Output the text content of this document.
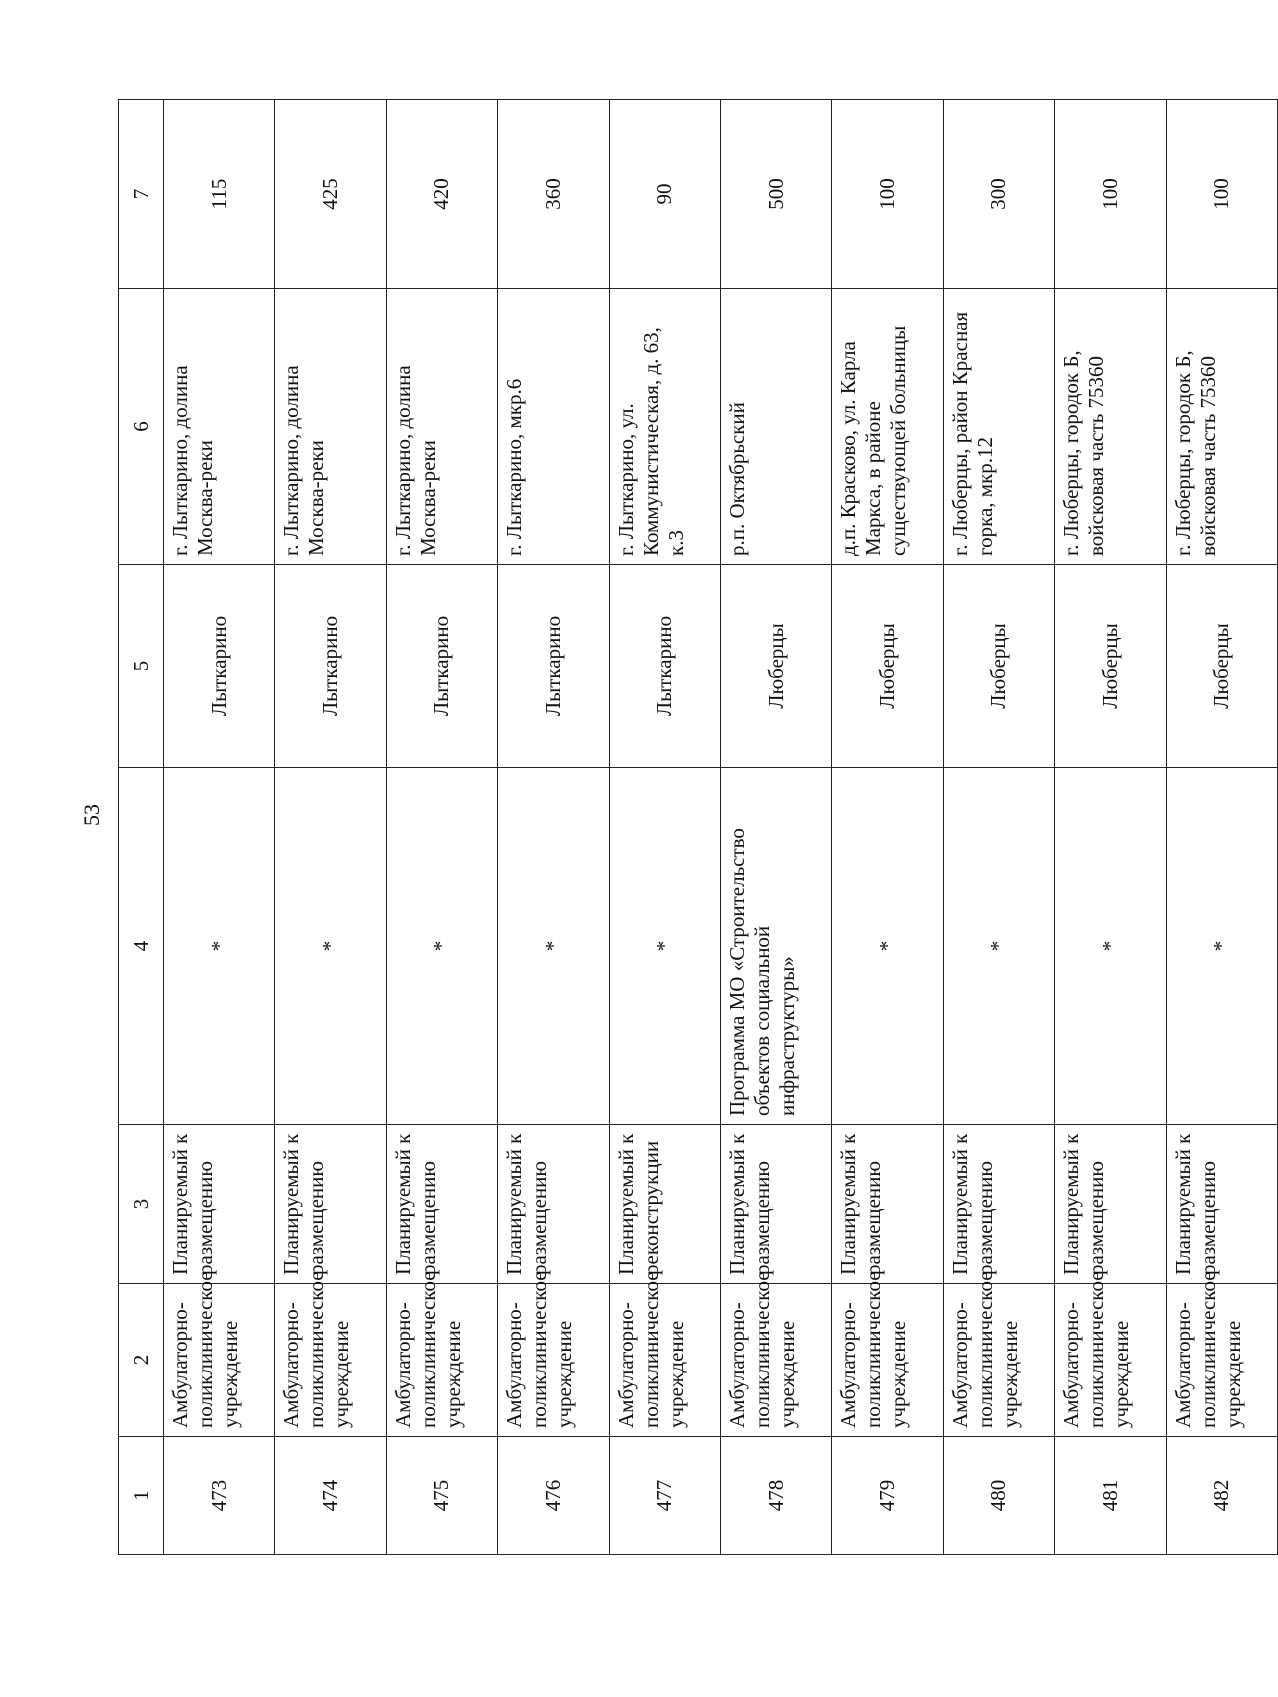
53
1	2	3	4	5	6	7
473	Амбулаторно-поликлиническое учреждение	Планируемый к размещению	*	Лыткарино	г. Лыткарино, долина Москва-реки	115
474	Амбулаторно-поликлиническое учреждение	Планируемый к размещению	*	Лыткарино	г. Лыткарино, долина Москва-реки	425
475	Амбулаторно-поликлиническое учреждение	Планируемый к размещению	*	Лыткарино	г. Лыткарино, долина Москва-реки	420
476	Амбулаторно-поликлиническое учреждение	Планируемый к размещению	*	Лыткарино	г. Лыткарино, мкр.6	360
477	Амбулаторно-поликлиническое учреждение	Планируемый к реконструкции	*	Лыткарино	г. Лыткарино, ул. Коммунистическая, д. 63, к.3	90
478	Амбулаторно-поликлиническое учреждение	Планируемый к размещению	Программа МО «Строительство объектов социальной инфраструктуры»	Люберцы	р.п. Октябрьский	500
479	Амбулаторно-поликлиническое учреждение	Планируемый к размещению	*	Люберцы	д.п. Красково, ул. Карла Маркса, в районе существующей больницы	100
480	Амбулаторно-поликлиническое учреждение	Планируемый к размещению	*	Люберцы	г. Люберцы, район Красная горка, мкр.12	300
481	Амбулаторно-поликлиническое учреждение	Планируемый к размещению	*	Люберцы	г. Люберцы, городок Б, войсковая часть 75360	100
482	Амбулаторно-поликлиническое учреждение	Планируемый к размещению	*	Люберцы	г. Люберцы, городок Б, войсковая часть 75360	100
